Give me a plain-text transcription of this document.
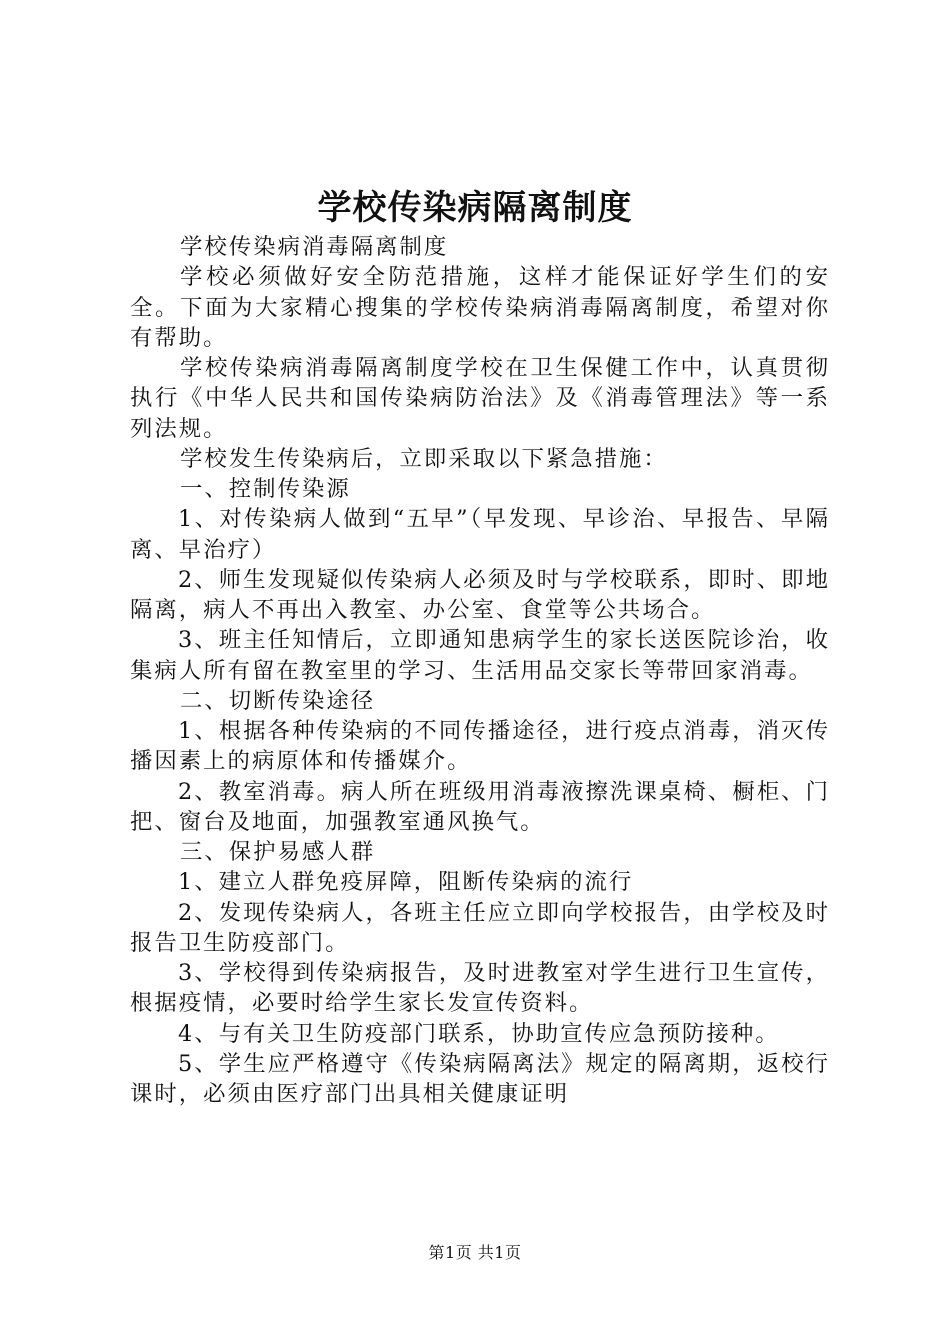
学校传染病隔离制度

学校传染病消毒隔离制度

学校必须做好安全防范措施，这样才能保证好学生们的安全。下面为大家精心搜集的学校传染病消毒隔离制度，希望对你有帮助。

学校传染病消毒隔离制度学校在卫生保健工作中，认真贯彻执行《中华人民共和国传染病防治法》及《消毒管理法》等一系列法规。

学校发生传染病后，立即采取以下紧急措施：

一、控制传染源

1、对传染病人做到“五早”（早发现、早诊治、早报告、早隔离、早治疗）

2、师生发现疑似传染病人必须及时与学校联系，即时、即地隔离，病人不再出入教室、办公室、食堂等公共场合。

3、班主任知情后，立即通知患病学生的家长送医院诊治，收集病人所有留在教室里的学习、生活用品交家长等带回家消毒。

二、切断传染途径

1、根据各种传染病的不同传播途径，进行疫点消毒，消灭传播因素上的病原体和传播媒介。

2、教室消毒。病人所在班级用消毒液擦洗课桌椅、橱柜、门把、窗台及地面，加强教室通风换气。

三、保护易感人群

1、建立人群免疫屏障，阻断传染病的流行

2、发现传染病人，各班主任应立即向学校报告，由学校及时报告卫生防疫部门。

3、学校得到传染病报告，及时进教室对学生进行卫生宣传，根据疫情，必要时给学生家长发宣传资料。

4、与有关卫生防疫部门联系，协助宣传应急预防接种。

5、学生应严格遵守《传染病隔离法》规定的隔离期，返校行课时，必须由医疗部门出具相关健康证明

第1页 共1页
